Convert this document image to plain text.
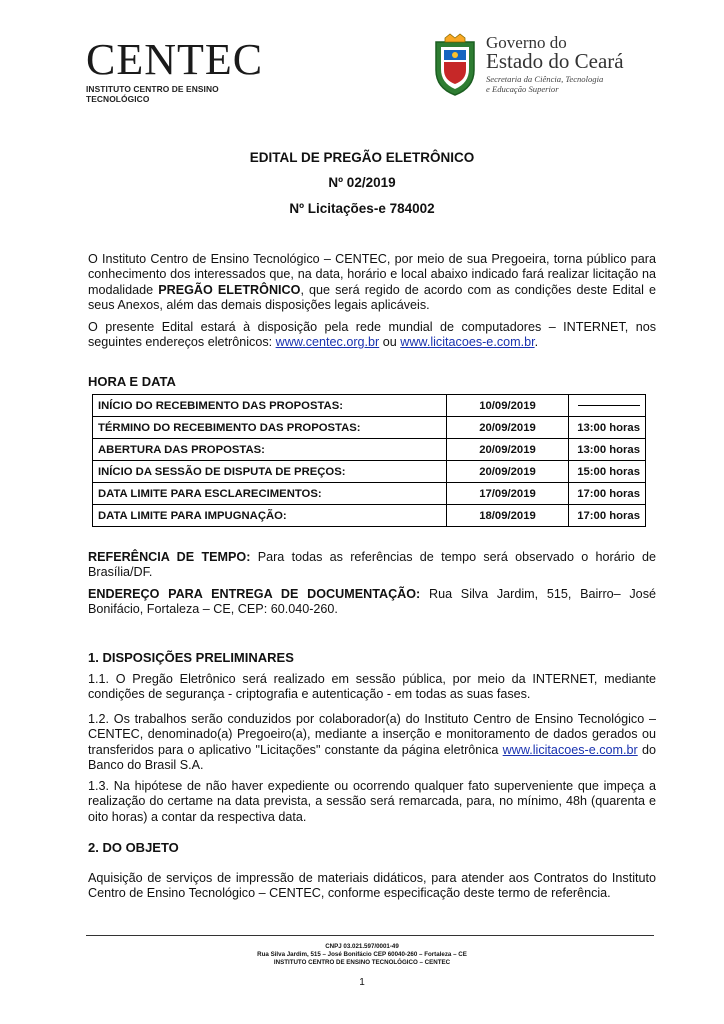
CENTEC
INSTITUTO CENTRO DE ENSINO TECNOLÓGICO
Governo do
Estado do Ceará
Secretaria da Ciência, Tecnologia
e Educação Superior
EDITAL DE PREGÃO ELETRÔNICO
Nº 02/2019
Nº Licitações-e 784002
O Instituto Centro de Ensino Tecnológico – CENTEC, por meio de sua Pregoeira, torna público para conhecimento dos interessados que, na data, horário e local abaixo indicado fará realizar licitação na modalidade PREGÃO ELETRÔNICO, que será regido de acordo com as condições deste Edital e seus Anexos, além das demais disposições legais aplicáveis.
O presente Edital estará à disposição pela rede mundial de computadores – INTERNET, nos seguintes endereços eletrônicos: www.centec.org.br ou www.licitacoes-e.com.br.
HORA E DATA
INÍCIO DO RECEBIMENTO DAS PROPOSTAS:	10/09/2019	
TÉRMINO DO RECEBIMENTO DAS PROPOSTAS:	20/09/2019	13:00 horas
ABERTURA DAS PROPOSTAS:	20/09/2019	13:00 horas
INÍCIO DA SESSÃO DE DISPUTA DE PREÇOS:	20/09/2019	15:00 horas
DATA LIMITE PARA ESCLARECIMENTOS:	17/09/2019	17:00 horas
DATA LIMITE PARA IMPUGNAÇÃO:	18/09/2019	17:00 horas
REFERÊNCIA DE TEMPO: Para todas as referências de tempo será observado o horário de Brasília/DF.
ENDEREÇO PARA ENTREGA DE DOCUMENTAÇÃO: Rua Silva Jardim, 515, Bairro– José Bonifácio, Fortaleza – CE, CEP: 60.040-260.
1. DISPOSIÇÕES PRELIMINARES
1.1. O Pregão Eletrônico será realizado em sessão pública, por meio da INTERNET, mediante condições de segurança - criptografia e autenticação - em todas as suas fases.
1.2. Os trabalhos serão conduzidos por colaborador(a) do Instituto Centro de Ensino Tecnológico – CENTEC, denominado(a) Pregoeiro(a), mediante a inserção e monitoramento de dados gerados ou transferidos para o aplicativo "Licitações" constante da página eletrônica www.licitacoes-e.com.br do Banco do Brasil S.A.
1.3. Na hipótese de não haver expediente ou ocorrendo qualquer fato superveniente que impeça a realização do certame na data prevista, a sessão será remarcada, para, no mínimo, 48h (quarenta e oito horas) a contar da respectiva data.
2. DO OBJETO
Aquisição de serviços de impressão de materiais didáticos, para atender aos Contratos do Instituto Centro de Ensino Tecnológico – CENTEC, conforme especificação deste termo de referência.
CNPJ 03.021.597/0001-49
Rua Silva Jardim, 515 – José Bonifácio CEP 60040-260 – Fortaleza – CE
INSTITUTO CENTRO DE ENSINO TECNOLÓGICO – CENTEC
1
